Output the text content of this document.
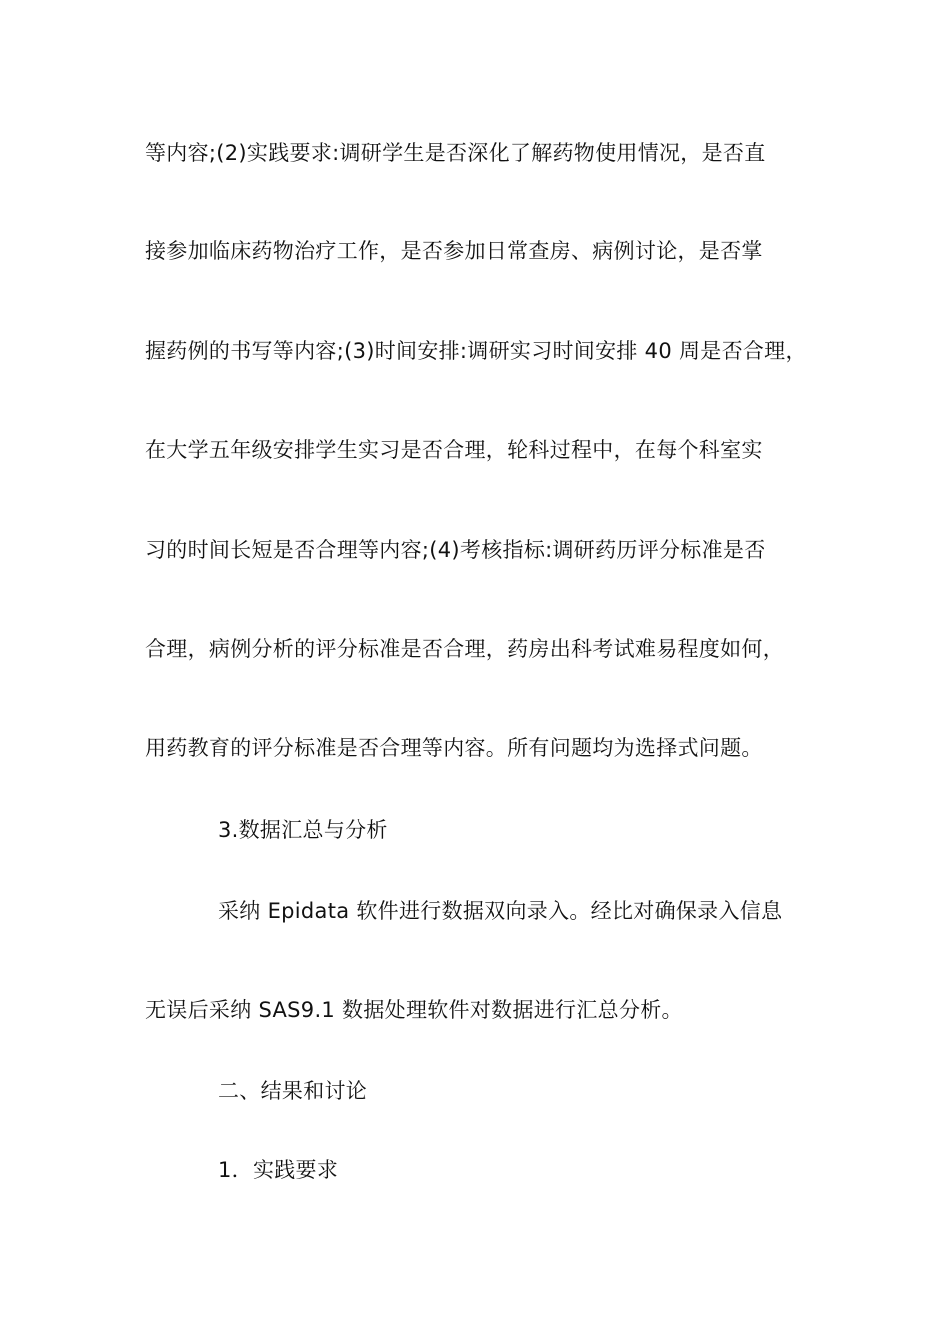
等内容;(2)实践要求:调研学生是否深化了解药物使用情况，是否直
接参加临床药物治疗工作，是否参加日常查房、病例讨论，是否掌
握药例的书写等内容;(3)时间安排:调研实习时间安排 40 周是否合理，
在大学五年级安排学生实习是否合理，轮科过程中，在每个科室实
习的时间长短是否合理等内容;(4)考核指标:调研药历评分标准是否
合理，病例分析的评分标准是否合理，药房出科考试难易程度如何，
用药教育的评分标准是否合理等内容。所有问题均为选择式问题。
3.数据汇总与分析
采纳 Epidata 软件进行数据双向录入。经比对确保录入信息
无误后采纳 SAS9.1 数据处理软件对数据进行汇总分析。
二、结果和讨论
1．实践要求
